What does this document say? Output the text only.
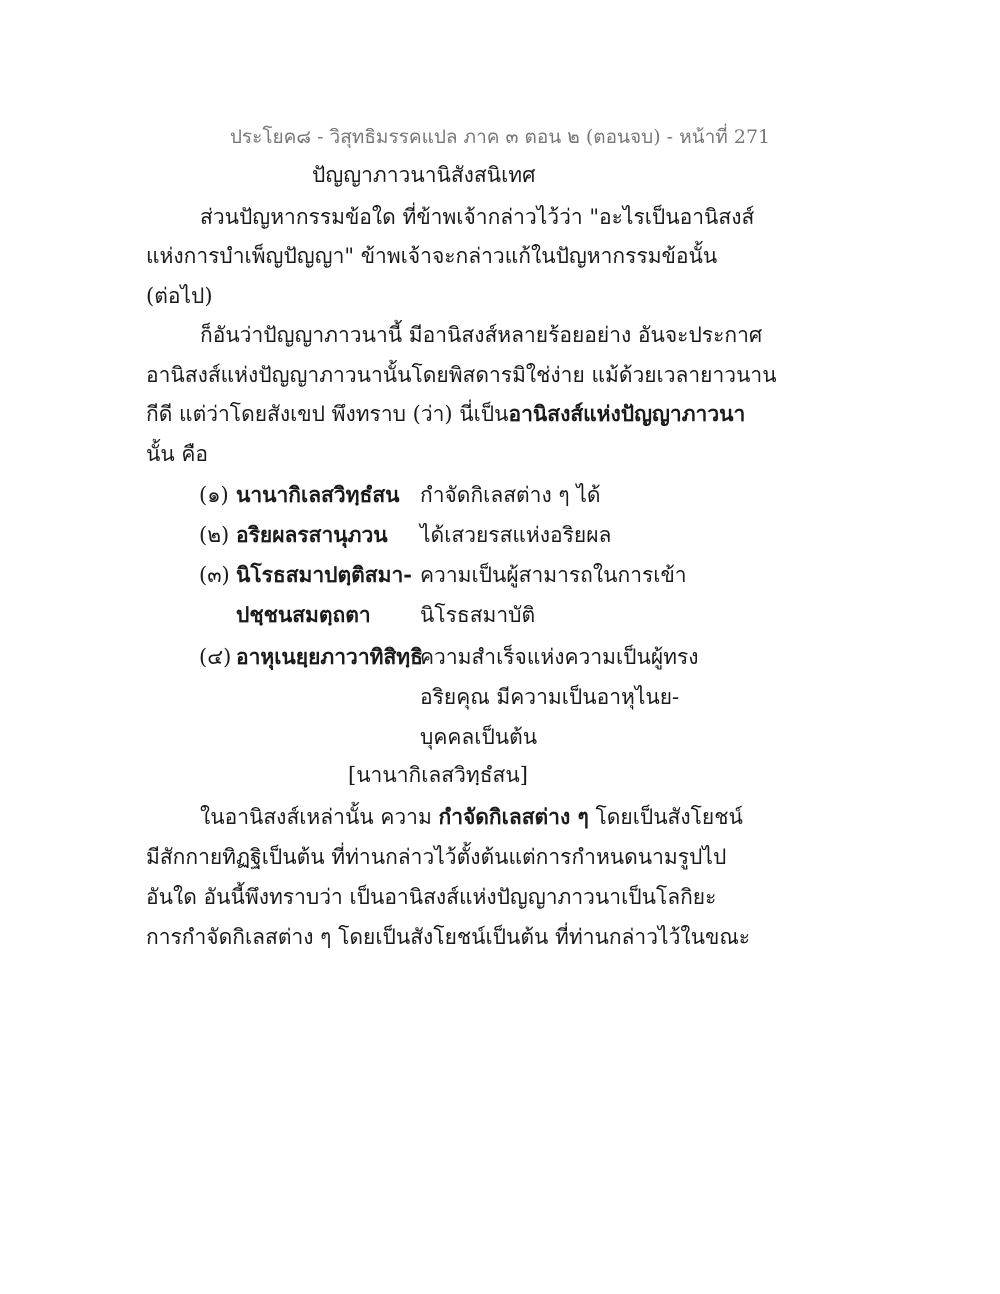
ประโยค๘ - วิสุทธิมรรคแปล ภาค ๓ ตอน ๒ (ตอนจบ) - หน้าที่ 271
ปัญญาภาวนานิสังสนิเทศ
ส่วนปัญหากรรมข้อใด ที่ข้าพเจ้ากล่าวไว้ว่า "อะไรเป็นอานิสงส์
แห่งการบำเพ็ญปัญญา" ข้าพเจ้าจะกล่าวแก้ในปัญหากรรมข้อนั้น
(ต่อไป)
ก็อันว่าปัญญาภาวนานี้ มีอานิสงส์หลายร้อยอย่าง อันจะประกาศ
อานิสงส์แห่งปัญญาภาวนานั้นโดยพิสดารมิใช่ง่าย แม้ด้วยเวลายาวนาน
กีดี แต่ว่าโดยสังเขป พึงทราบ (ว่า) นี่เป็นอานิสงส์แห่งปัญญาภาวนา
นั้น คือ
(๑) นานากิเลสวิทฺธํสน กำจัดกิเลสต่าง ๆ ได้
(๒) อริยผลรสานุภวน ได้เสวยรสแห่งอริยผล
(๓) นิโรธสมาปตฺติสมา- ความเป็นผู้สามารถในการเข้า
ปชฺชนสมตฺถตา นิโรธสมาบัติ
(๔) อาหุเนยฺยภาวาทิสิทฺธิ
ความสำเร็จแห่งความเป็นผู้ทรง
อริยคุณ มีความเป็นอาหุไนย-
บุคคลเป็นต้น
[นานากิเลสวิทฺธํสน]
ในอานิสงส์เหล่านั้น ความ กำจัดกิเลสต่าง ๆ โดยเป็นสังโยชน์
มีสักกายทิฏฐิเป็นต้น ที่ท่านกล่าวไว้ตั้งต้นแต่การกำหนดนามรูปไป
อันใด อันนี้พึงทราบว่า เป็นอานิสงส์แห่งปัญญาภาวนาเป็นโลกิยะ
การกำจัดกิเลสต่าง ๆ โดยเป็นสังโยชน์เป็นต้น ที่ท่านกล่าวไว้ในขณะ
